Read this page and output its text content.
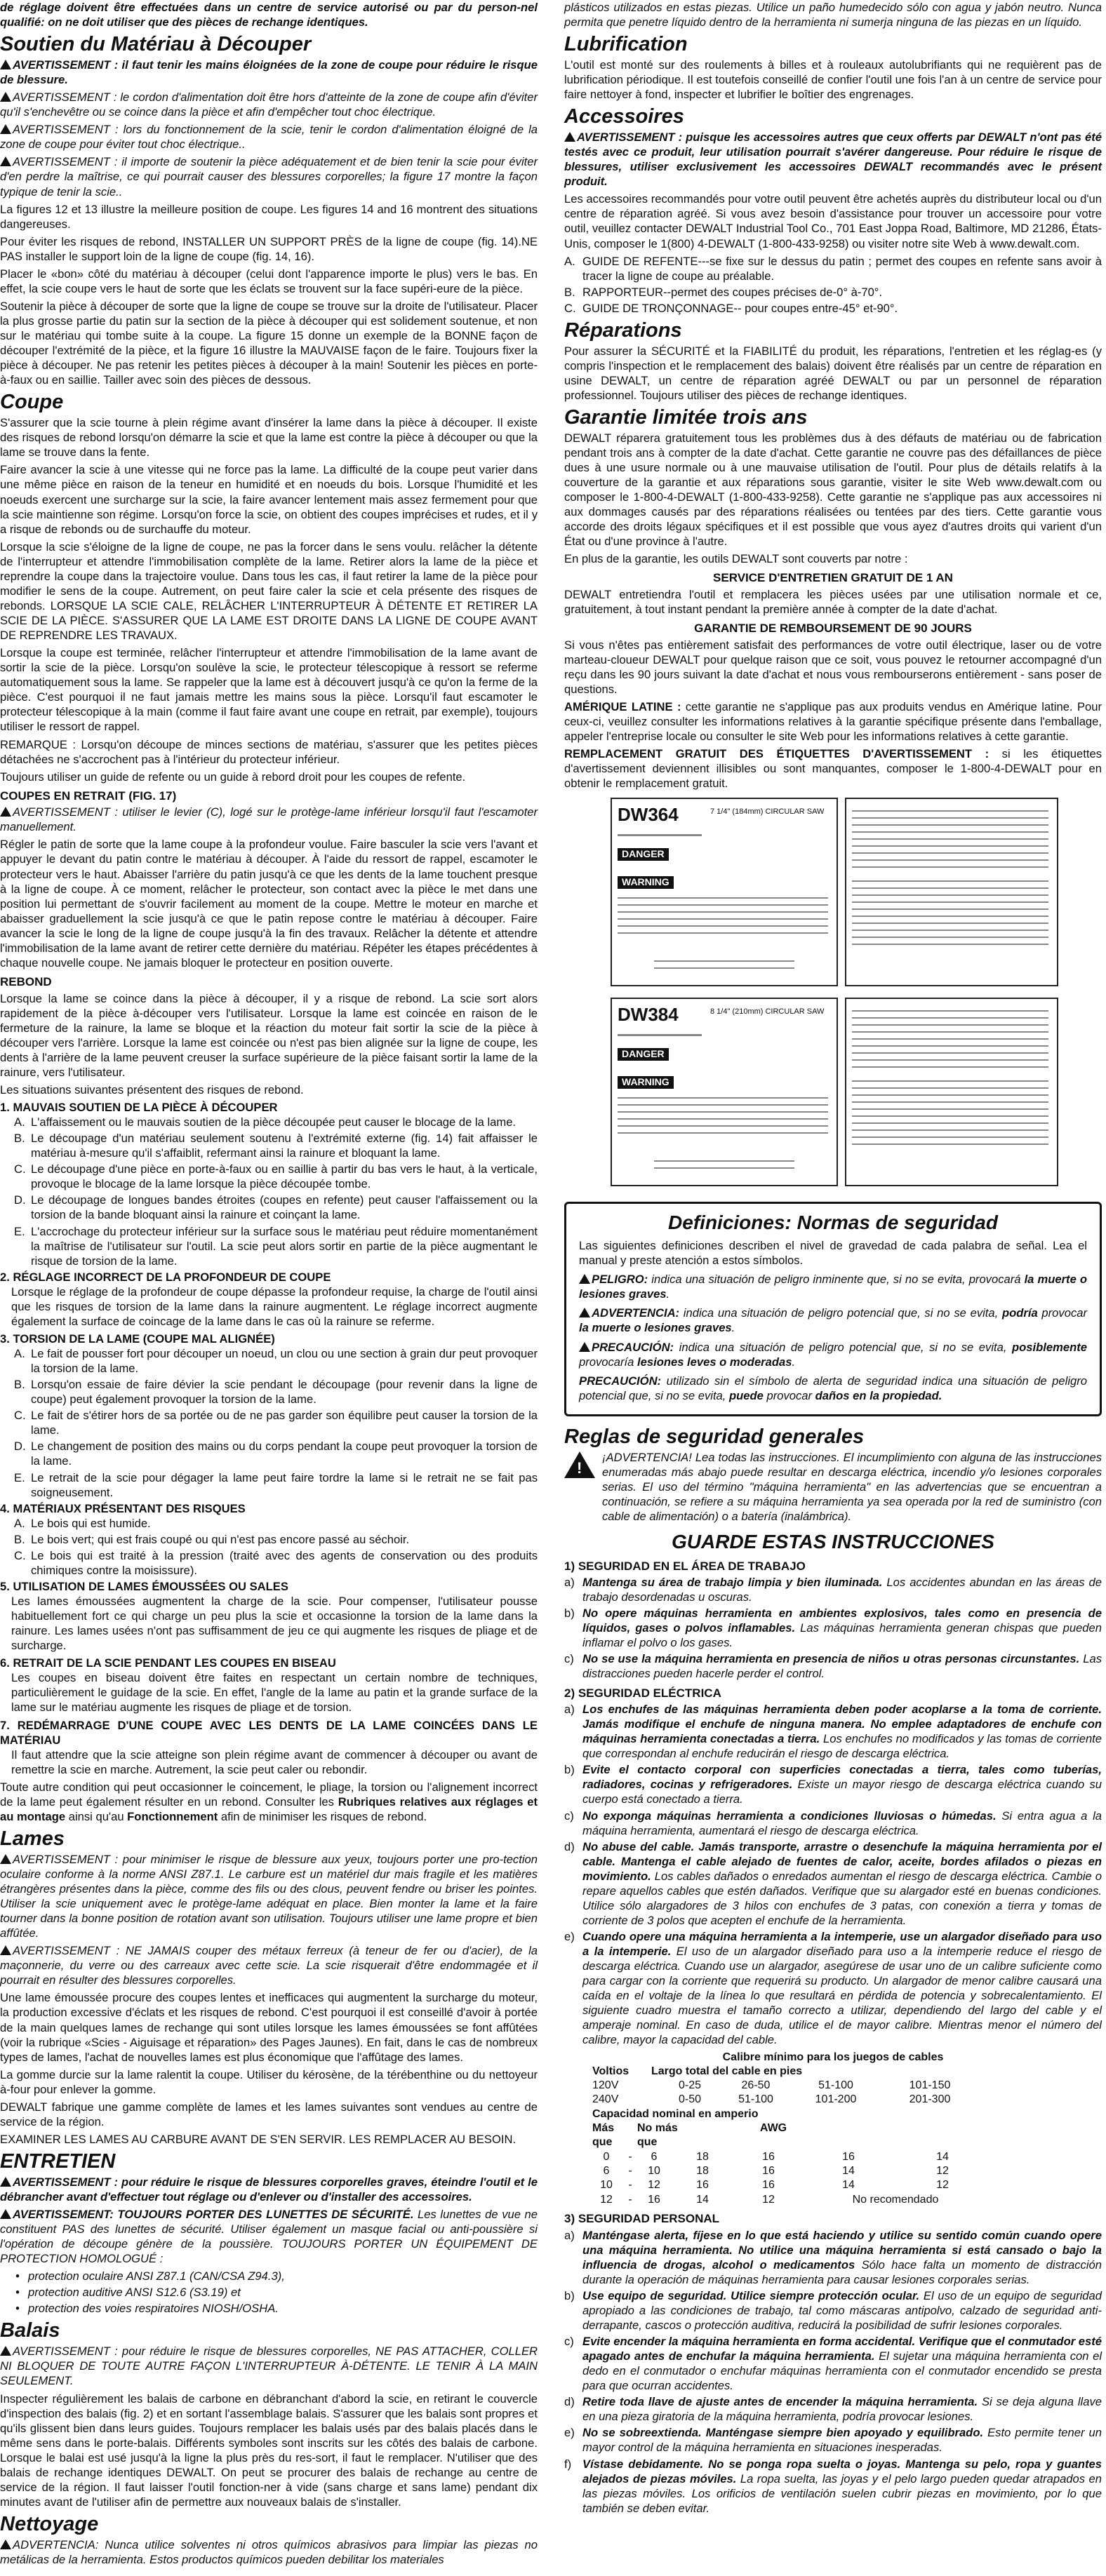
de réglage doivent être effectuées dans un centre de service autorisé ou par du person-nel qualifié: on ne doit utiliser que des pièces de rechange identiques.

Soutien du Matériau à Découper

AVERTISSEMENT : il faut tenir les mains éloignées de la zone de coupe pour réduire le risque de blessure.

AVERTISSEMENT : le cordon d'alimentation doit être hors d'atteinte de la zone de coupe afin d'éviter qu'il s'enchevêtre ou se coince dans la pièce et afin d'empêcher tout choc électrique.

AVERTISSEMENT : lors du fonctionnement de la scie, tenir le cordon d'alimentation éloigné de la zone de coupe pour éviter tout choc électrique..

AVERTISSEMENT : il importe de soutenir la pièce adéquatement et de bien tenir la scie pour éviter d'en perdre la maîtrise, ce qui pourrait causer des blessures corporelles; la figure 17 montre la façon typique de tenir la scie..

La figures 12 et 13 illustre la meilleure position de coupe. Les figures 14 and 16 montrent des situations dangereuses.

Pour éviter les risques de rebond, INSTALLER UN SUPPORT PRÈS de la ligne de coupe (fig. 14).NE PAS installer le support loin de la ligne de coupe (fig. 14, 16).

Placer le «bon» côté du matériau à découper (celui dont l'apparence importe le plus) vers le bas. En effet, la scie coupe vers le haut de sorte que les éclats se trouvent sur la face supéri-eure de la pièce.

Soutenir la pièce à découper de sorte que la ligne de coupe se trouve sur la droite de l'utilisateur. Placer la plus grosse partie du patin sur la section de la pièce à découper qui est solidement soutenue, et non sur le matériau qui tombe suite à la coupe. La figure 15 donne un exemple de la BONNE façon de découper l'extrémité de la pièce, et la figure 16 illustre la MAUVAISE façon de le faire. Toujours fixer la pièce à découper. Ne pas retenir les petites pièces à découper à la main! Soutenir les pièces en porte-à-faux ou en saillie. Tailler avec soin des pièces de dessous.

Coupe

S'assurer que la scie tourne à plein régime avant d'insérer la lame dans la pièce à découper. Il existe des risques de rebond lorsqu'on démarre la scie et que la lame est contre la pièce à découper ou que la lame se trouve dans la fente.

Faire avancer la scie à une vitesse qui ne force pas la lame. La difficulté de la coupe peut varier dans une même pièce en raison de la teneur en humidité et en noeuds du bois. Lorsque l'humidité et les noeuds exercent une surcharge sur la scie, la faire avancer lentement mais assez fermement pour que la scie maintienne son régime. Lorsqu'on force la scie, on obtient des coupes imprécises et rudes, et il y a risque de rebonds ou de surchauffe du moteur.

Lorsque la scie s'éloigne de la ligne de coupe, ne pas la forcer dans le sens voulu. relâcher la détente de l'interrupteur et attendre l'immobilisation complète de la lame. Retirer alors la lame de la pièce et reprendre la coupe dans la trajectoire voulue. Dans tous les cas, il faut retirer la lame de la pièce pour modifier le sens de la coupe. Autrement, on peut faire caler la scie et cela présente des risques de rebonds. LORSQUE LA SCIE CALE, RELÂCHER L'INTERRUPTEUR À DÉTENTE ET RETIRER LA SCIE DE LA PIÈCE. S'ASSURER QUE LA LAME EST DROITE DANS LA LIGNE DE COUPE AVANT DE REPRENDRE LES TRAVAUX.

Lorsque la coupe est terminée, relâcher l'interrupteur et attendre l'immobilisation de la lame avant de sortir la scie de la pièce. Lorsqu'on soulève la scie, le protecteur télescopique à ressort se referme automatiquement sous la lame. Se rappeler que la lame est à découvert jusqu'à ce qu'on la ferme de la pièce. C'est pourquoi il ne faut jamais mettre les mains sous la pièce. Lorsqu'il faut escamoter le protecteur télescopique à la main (comme il faut faire avant une coupe en retrait, par exemple), toujours utiliser le ressort de rappel.

REMARQUE : Lorsqu'on découpe de minces sections de matériau, s'assurer que les petites pièces détachées ne s'accrochent pas à l'intérieur du protecteur inférieur.

Toujours utiliser un guide de refente ou un guide à rebord droit pour les coupes de refente.

COUPES EN RETRAIT (FIG. 17)

AVERTISSEMENT : utiliser le levier (C), logé sur le protège-lame inférieur lorsqu'il faut l'escamoter manuellement.

Régler le patin de sorte que la lame coupe à la profondeur voulue. Faire basculer la scie vers l'avant et appuyer le devant du patin contre le matériau à découper. À l'aide du ressort de rappel, escamoter le protecteur vers le haut. Abaisser l'arrière du patin jusqu'à ce que les dents de la lame touchent presque à la ligne de coupe. À ce moment, relâcher le protecteur, son contact avec la pièce le met dans une position lui permettant de s'ouvrir facilement au moment de la coupe. Mettre le moteur en marche et abaisser graduellement la scie jusqu'à ce que le patin repose contre le matériau à découper. Faire avancer la scie le long de la ligne de coupe jusqu'à la fin des travaux. Relâcher la détente et attendre l'immobilisation de la lame avant de retirer cette dernière du matériau. Répéter les étapes précédentes à chaque nouvelle coupe. Ne jamais bloquer le protecteur en position ouverte.

REBOND

Lorsque la lame se coince dans la pièce à découper, il y a risque de rebond. La scie sort alors rapidement de la pièce à-découper vers l'utilisateur. Lorsque la lame est coincée en raison de le fermeture de la rainure, la lame se bloque et la réaction du moteur fait sortir la scie de la pièce à découper vers l'arrière. Lorsque la lame est coincée ou n'est pas bien alignée sur la ligne de coupe, les dents à l'arrière de la lame peuvent creuser la surface supérieure de la pièce faisant sortir la lame de la rainure, vers l'utilisateur.

Les situations suivantes présentent des risques de rebond.

1. MAUVAIS SOUTIEN DE LA PIÈCE À DÉCOUPER
A. L'affaissement ou le mauvais soutien de la pièce découpée peut causer le blocage de la lame.
B. Le découpage d'un matériau seulement soutenu à l'extrémité externe (fig. 14) fait affaisser le matériau à-mesure qu'il s'affaiblit, refermant ainsi la rainure et bloquant la lame.
C. Le découpage d'une pièce en porte-à-faux ou en saillie à partir du bas vers le haut, à la verticale, provoque le blocage de la lame lorsque la pièce découpée tombe.
D. Le découpage de longues bandes étroites (coupes en refente) peut causer l'affaissement ou la torsion de la bande bloquant ainsi la rainure et coinçant la lame.
E. L'accrochage du protecteur inférieur sur la surface sous le matériau peut réduire momentanément la maîtrise de l'utilisateur sur l'outil. La scie peut alors sortir en partie de la pièce augmentant le risque de torsion de la lame.
2. RÉGLAGE INCORRECT DE LA PROFONDEUR DE COUPE

Lorsque le réglage de la profondeur de coupe dépasse la profondeur requise, la charge de l'outil ainsi que les risques de torsion de la lame dans la rainure augmentent. Le réglage incorrect augmente également la surface de coincage de la lame dans le cas où la rainure se referme.

3. TORSION DE LA LAME (COUPE MAL ALIGNÉE)
A. Le fait de pousser fort pour découper un noeud, un clou ou une section à grain dur peut provoquer la torsion de la lame.
B. Lorsqu'on essaie de faire dévier la scie pendant le découpage (pour revenir dans la ligne de coupe) peut également provoquer la torsion de la lame.
C. Le fait de s'étirer hors de sa portée ou de ne pas garder son équilibre peut causer la torsion de la lame.
D. Le changement de position des mains ou du corps pendant la coupe peut provoquer la torsion de la lame.
E. Le retrait de la scie pour dégager la lame peut faire tordre la lame si le retrait ne se fait pas soigneusement.
4. MATÉRIAUX PRÉSENTANT DES RISQUES
A. Le bois qui est humide.
B. Le bois vert; qui est frais coupé ou qui n'est pas encore passé au séchoir.
C. Le bois qui est traité à la pression (traité avec des agents de conservation ou des produits chimiques contre la moisissure).
5. UTILISATION DE LAMES ÉMOUSSÉES OU SALES

Les lames émoussées augmentent la charge de la scie. Pour compenser, l'utilisateur pousse habituellement fort ce qui charge un peu plus la scie et occasionne la torsion de la lame dans la rainure. Les lames usées n'ont pas suffisamment de jeu ce qui augmente les risques de pliage et de surcharge.

6. RETRAIT DE LA SCIE PENDANT LES COUPES EN BISEAU

Les coupes en biseau doivent être faites en respectant un certain nombre de techniques, particulièrement le guidage de la scie. En effet, l'angle de la lame au patin et la grande surface de la lame sur le matériau augmente les risques de pliage et de torsion.

7. REDÉMARRAGE D'UNE COUPE AVEC LES DENTS DE LA LAME COINCÉES DANS LE MATÉRIAU

Il faut attendre que la scie atteigne son plein régime avant de commencer à découper ou avant de remettre la scie en marche. Autrement, la scie peut caler ou rebondir.

Toute autre condition qui peut occasionner le coincement, le pliage, la torsion ou l'alignement incorrect de la lame peut également résulter en un rebond. Consulter les Rubriques relatives aux réglages et au montage ainsi qu'au Fonctionnement afin de minimiser les risques de rebond.

Lames

AVERTISSEMENT : pour minimiser le risque de blessure aux yeux, toujours porter une pro-tection oculaire conforme à la norme ANSI Z87.1. Le carbure est un matériel dur mais fragile et les matières étrangères présentes dans la pièce, comme des fils ou des clous, peuvent fendre ou briser les pointes. Utiliser la scie uniquement avec le protège-lame adéquat en place. Bien monter la lame et la faire tourner dans la bonne position de rotation avant son utilisation. Toujours utiliser une lame propre et bien affûtée.

AVERTISSEMENT : NE JAMAIS couper des métaux ferreux (à teneur de fer ou d'acier), de la maçonnerie, du verre ou des carreaux avec cette scie. La scie risquerait d'être endommagée et il pourrait en résulter des blessures corporelles.

Une lame émoussée procure des coupes lentes et inefficaces qui augmentent la surcharge du moteur, la production excessive d'éclats et les risques de rebond. C'est pourquoi il est conseillé d'avoir à portée de la main quelques lames de rechange qui sont utiles lorsque les lames émoussées se font affûtées (voir la rubrique «Scies - Aiguisage et réparation» des Pages Jaunes). En fait, dans le cas de nombreux types de lames, l'achat de nouvelles lames est plus économique que l'affûtage des lames.

La gomme durcie sur la lame ralentit la coupe. Utiliser du kérosène, de la térébenthine ou du nettoyeur à-four pour enlever la gomme.

DEWALT fabrique une gamme complète de lames et les lames suivantes sont vendues au centre de service de la région.

EXAMINER LES LAMES AU CARBURE AVANT DE S'EN SERVIR. LES REMPLACER AU BESOIN.

ENTRETIEN

AVERTISSEMENT : pour réduire le risque de blessures corporelles graves, éteindre l'outil et le débrancher avant d'effectuer tout réglage ou d'enlever ou d'installer des accessoires.

AVERTISSEMENT: TOUJOURS PORTER DES LUNETTES DE SÉCURITÉ. Les lunettes de vue ne constituent PAS des lunettes de sécurité. Utiliser également un masque facial ou anti-poussière si l'opération de découpe génère de la poussière. TOUJOURS PORTER UN ÉQUIPEMENT DE PROTECTION HOMOLOGUÉ :

• protection oculaire ANSI Z87.1 (CAN/CSA Z94.3),
• protection auditive ANSI S12.6 (S3.19) et
• protection des voies respiratoires NIOSH/OSHA.
Balais

AVERTISSEMENT : pour réduire le risque de blessures corporelles, NE PAS ATTACHER, COLLER NI BLOQUER DE TOUTE AUTRE FAÇON L'INTERRUPTEUR À-DÉTENTE. LE TENIR À LA MAIN SEULEMENT.

Inspecter régulièrement les balais de carbone en débranchant d'abord la scie, en retirant le couvercle d'inspection des balais (fig. 2) et en sortant l'assemblage balais. S'assurer que les balais sont propres et qu'ils glissent bien dans leurs guides. Toujours remplacer les balais usés par des balais placés dans le même sens dans le porte-balais. Différents symboles sont inscrits sur les côtés des balais de carbone. Lorsque le balai est usé jusqu'à la ligne la plus près du res-sort, il faut le remplacer. N'utiliser que des balais de rechange identiques DEWALT. On peut se procurer des balais de rechange au centre de service de la région. Il faut laisser l'outil fonction-ner à vide (sans charge et sans lame) pendant dix minutes avant de l'utiliser afin de permettre aux nouveaux balais de s'installer.

Nettoyage

ADVERTENCIA: Nunca utilice solventes ni otros químicos abrasivos para limpiar las piezas no metálicas de la herramienta. Estos productos químicos pueden debilitar los materiales

plásticos utilizados en estas piezas. Utilice un paño humedecido sólo con agua y jabón neutro. Nunca permita que penetre líquido dentro de la herramienta ni sumerja ninguna de las piezas en un líquido.

Lubrification

L'outil est monté sur des roulements à billes et à rouleaux autolubrifiants qui ne requièrent pas de lubrification périodique. Il est toutefois conseillé de confier l'outil une fois l'an à un centre de service pour faire nettoyer à fond, inspecter et lubrifier le boîtier des engrenages.

Accessoires

AVERTISSEMENT : puisque les accessoires autres que ceux offerts par DEWALT n'ont pas été testés avec ce produit, leur utilisation pourrait s'avérer dangereuse. Pour réduire le risque de blessures, utiliser exclusivement les accessoires DEWALT recommandés avec le présent produit.

Les accessoires recommandés pour votre outil peuvent être achetés auprès du distributeur local ou d'un centre de réparation agréé. Si vous avez besoin d'assistance pour trouver un accessoire pour votre outil, veuillez contacter DEWALT Industrial Tool Co., 701 East Joppa Road, Baltimore, MD 21286, États-Unis, composer le 1(800) 4-DEWALT (1-800-433-9258) ou visiter notre site Web à www.dewalt.com.

A. GUIDE DE REFENTE---se fixe sur le dessus du patin ; permet des coupes en refente sans avoir à tracer la ligne de coupe au préalable.
B. RAPPORTEUR--permet des coupes précises de-0° à-70°.
C. GUIDE DE TRONÇONNAGE-- pour coupes entre-45° et-90°.
Réparations

Pour assurer la SÉCURITÉ et la FIABILITÉ du produit, les réparations, l'entretien et les réglag-es (y compris l'inspection et le remplacement des balais) doivent être réalisés par un centre de réparation en usine DEWALT, un centre de réparation agréé DEWALT ou par un personnel de réparation professionnel. Toujours utiliser des pièces de rechange identiques.

Garantie limitée trois ans

DEWALT réparera gratuitement tous les problèmes dus à des défauts de matériau ou de fabrication pendant trois ans à compter de la date d'achat. Cette garantie ne couvre pas des défaillances de pièce dues à une usure normale ou à une mauvaise utilisation de l'outil. Pour plus de détails relatifs à la couverture de la garantie et aux réparations sous garantie, visiter le site Web www.dewalt.com ou composer le 1-800-4-DEWALT (1-800-433-9258). Cette garantie ne s'applique pas aux accessoires ni aux dommages causés par des réparations réalisées ou tentées par des tiers. Cette garantie vous accorde des droits légaux spécifiques et il est possible que vous ayez d'autres droits qui varient d'un État ou d'une province à l'autre.

En plus de la garantie, les outils DEWALT sont couverts par notre :

SERVICE D'ENTRETIEN GRATUIT DE 1 AN

DEWALT entretiendra l'outil et remplacera les pièces usées par une utilisation normale et ce, gratuitement, à tout instant pendant la première année à compter de la date d'achat.

GARANTIE DE REMBOURSEMENT DE 90 JOURS

Si vous n'êtes pas entièrement satisfait des performances de votre outil électrique, laser ou de votre marteau-cloueur DEWALT pour quelque raison que ce soit, vous pouvez le retourner accompagné d'un reçu dans les 90 jours suivant la date d'achat et nous vous rembourserons entièrement - sans poser de questions.

AMÉRIQUE LATINE : cette garantie ne s'applique pas aux produits vendus en Amérique latine. Pour ceux-ci, veuillez consulter les informations relatives à la garantie spécifique présente dans l'emballage, appeler l'entreprise locale ou consulter le site Web pour les informations relatives à cette garantie.

REMPLACEMENT GRATUIT DES ÉTIQUETTES D'AVERTISSEMENT : si les étiquettes d'avertissement deviennent illisibles ou sont manquantes, composer le 1-800-4-DEWALT pour en obtenir le remplacement gratuit.

DW364	7 1/4" (184mm) CIRCULAR SAW
DANGER
WARNING
DW384	8 1/4" (210mm) CIRCULAR SAW
DANGER
WARNING
Definiciones: Normas de seguridad

Las siguientes definiciones describen el nivel de gravedad de cada palabra de señal. Lea el manual y preste atención a estos símbolos.

PELIGRO: indica una situación de peligro inminente que, si no se evita, provocará la muerte o lesiones graves.

ADVERTENCIA: indica una situación de peligro potencial que, si no se evita, podría provocar la muerte o lesiones graves.

PRECAUCIÓN: indica una situación de peligro potencial que, si no se evita, posiblemente provocaría lesiones leves o moderadas.

PRECAUCIÓN: utilizado sin el símbolo de alerta de seguridad indica una situación de peligro potencial que, si no se evita, puede provocar daños en la propiedad.

Reglas de seguridad generales
!

¡ADVERTENCIA! Lea todas las instrucciones. El incumplimiento con alguna de las instrucciones enumeradas más abajo puede resultar en descarga eléctrica, incendio y/o lesiones corporales serias. El uso del término "máquina herramienta" en las advertencias que se encuentran a continuación, se refiere a su máquina herramienta ya sea operada por la red de suministro (con cable de alimentación) o a batería (inalámbrica).

GUARDE ESTAS INSTRUCCIONES
1) SEGURIDAD EN EL ÁREA DE TRABAJO
a) Mantenga su área de trabajo limpia y bien iluminada. Los accidentes abundan en las áreas de trabajo desordenadas u oscuras.
b) No opere máquinas herramienta en ambientes explosivos, tales como en presencia de líquidos, gases o polvos inflamables. Las máquinas herramienta generan chispas que pueden inflamar el polvo o los gases.
c) No se use la máquina herramienta en presencia de niños u otras personas circunstantes. Las distracciones pueden hacerle perder el control.
2) SEGURIDAD ELÉCTRICA
a) Los enchufes de las máquinas herramienta deben poder acoplarse a la toma de corriente. Jamás modifique el enchufe de ninguna manera. No emplee adaptadores de enchufe con máquinas herramienta conectadas a tierra. Los enchufes no modificados y las tomas de corriente que correspondan al enchufe reducirán el riesgo de descarga eléctrica.
b) Evite el contacto corporal con superficies conectadas a tierra, tales como tuberías, radiadores, cocinas y refrigeradores. Existe un mayor riesgo de descarga eléctrica cuando su cuerpo está conectado a tierra.
c) No exponga máquinas herramienta a condiciones lluviosas o húmedas. Si entra agua a la máquina herramienta, aumentará el riesgo de descarga eléctrica.
d) No abuse del cable. Jamás transporte, arrastre o desenchufe la máquina herramienta por el cable. Mantenga el cable alejado de fuentes de calor, aceite, bordes afilados o piezas en movimiento. Los cables dañados o enredados aumentan el riesgo de descarga eléctrica. Cambie o repare aquellos cables que estén dañados. Verifique que su alargador esté en buenas condiciones. Utilice sólo alargadores de 3 hilos con enchufes de 3 patas, con conexión a tierra y tomas de corriente de 3 polos que acepten el enchufe de la herramienta.
e) Cuando opere una máquina herramienta a la intemperie, use un alargador diseñado para uso a la intemperie. El uso de un alargador diseñado para uso a la intemperie reduce el riesgo de descarga eléctrica. Cuando use un alargador, asegúrese de usar uno de un calibre suficiente como para cargar con la corriente que requerirá su producto. Un alargador de menor calibre causará una caída en el voltaje de la línea lo que resultará en pérdida de potencia y sobrecalentamiento. El siguiente cuadro muestra el tamaño correcto a utilizar, dependiendo del largo del cable y el amperaje nominal. En caso de duda, utilice el de mayor calibre. Mientras menor el número del calibre, mayor la capacidad del cable.
Calibre mínimo para los juegos de cables
Voltios	Largo total del cable en pies
120V	0-25	26-50	51-100	101-150
240V	0-50	51-100	101-200	201-300
Capacidad nominal en amperio
Más	No más	AWG
que	que
0	-	6	18	16	16	14
6	-	10	18	16	14	12
10	-	12	16	16	14	12
12	-	16	14	12	No recomendado
3) SEGURIDAD PERSONAL
a) Manténgase alerta, fíjese en lo que está haciendo y utilice su sentido común cuando opere una máquina herramienta. No utilice una máquina herramienta si está cansado o bajo la influencia de drogas, alcohol o medicamentos Sólo hace falta un momento de distracción durante la operación de máquinas herramienta para causar lesiones corporales serias.
b) Use equipo de seguridad. Utilice siempre protección ocular. El uso de un equipo de seguridad apropiado a las condiciones de trabajo, tal como máscaras antipolvo, calzado de seguridad anti-derrapante, cascos o protección auditiva, reducirá la posibilidad de sufrir lesiones corporales.
c) Evite encender la máquina herramienta en forma accidental. Verifique que el conmutador esté apagado antes de enchufar la máquina herramienta. El sujetar una máquina herramienta con el dedo en el conmutador o enchufar máquinas herramienta con el conmutador encendido se presta para que ocurran accidentes.
d) Retire toda llave de ajuste antes de encender la máquina herramienta. Si se deja alguna llave en una pieza giratoria de la máquina herramienta, podría provocar lesiones.
e) No se sobreextienda. Manténgase siempre bien apoyado y equilibrado. Esto permite tener un mayor control de la máquina herramienta en situaciones inesperadas.
f) Vístase debidamente. No se ponga ropa suelta o joyas. Mantenga su pelo, ropa y guantes alejados de piezas móviles. La ropa suelta, las joyas y el pelo largo pueden quedar atrapados en las piezas móviles. Los orificios de ventilación suelen cubrir piezas en movimiento, por lo que también se deben evitar.
